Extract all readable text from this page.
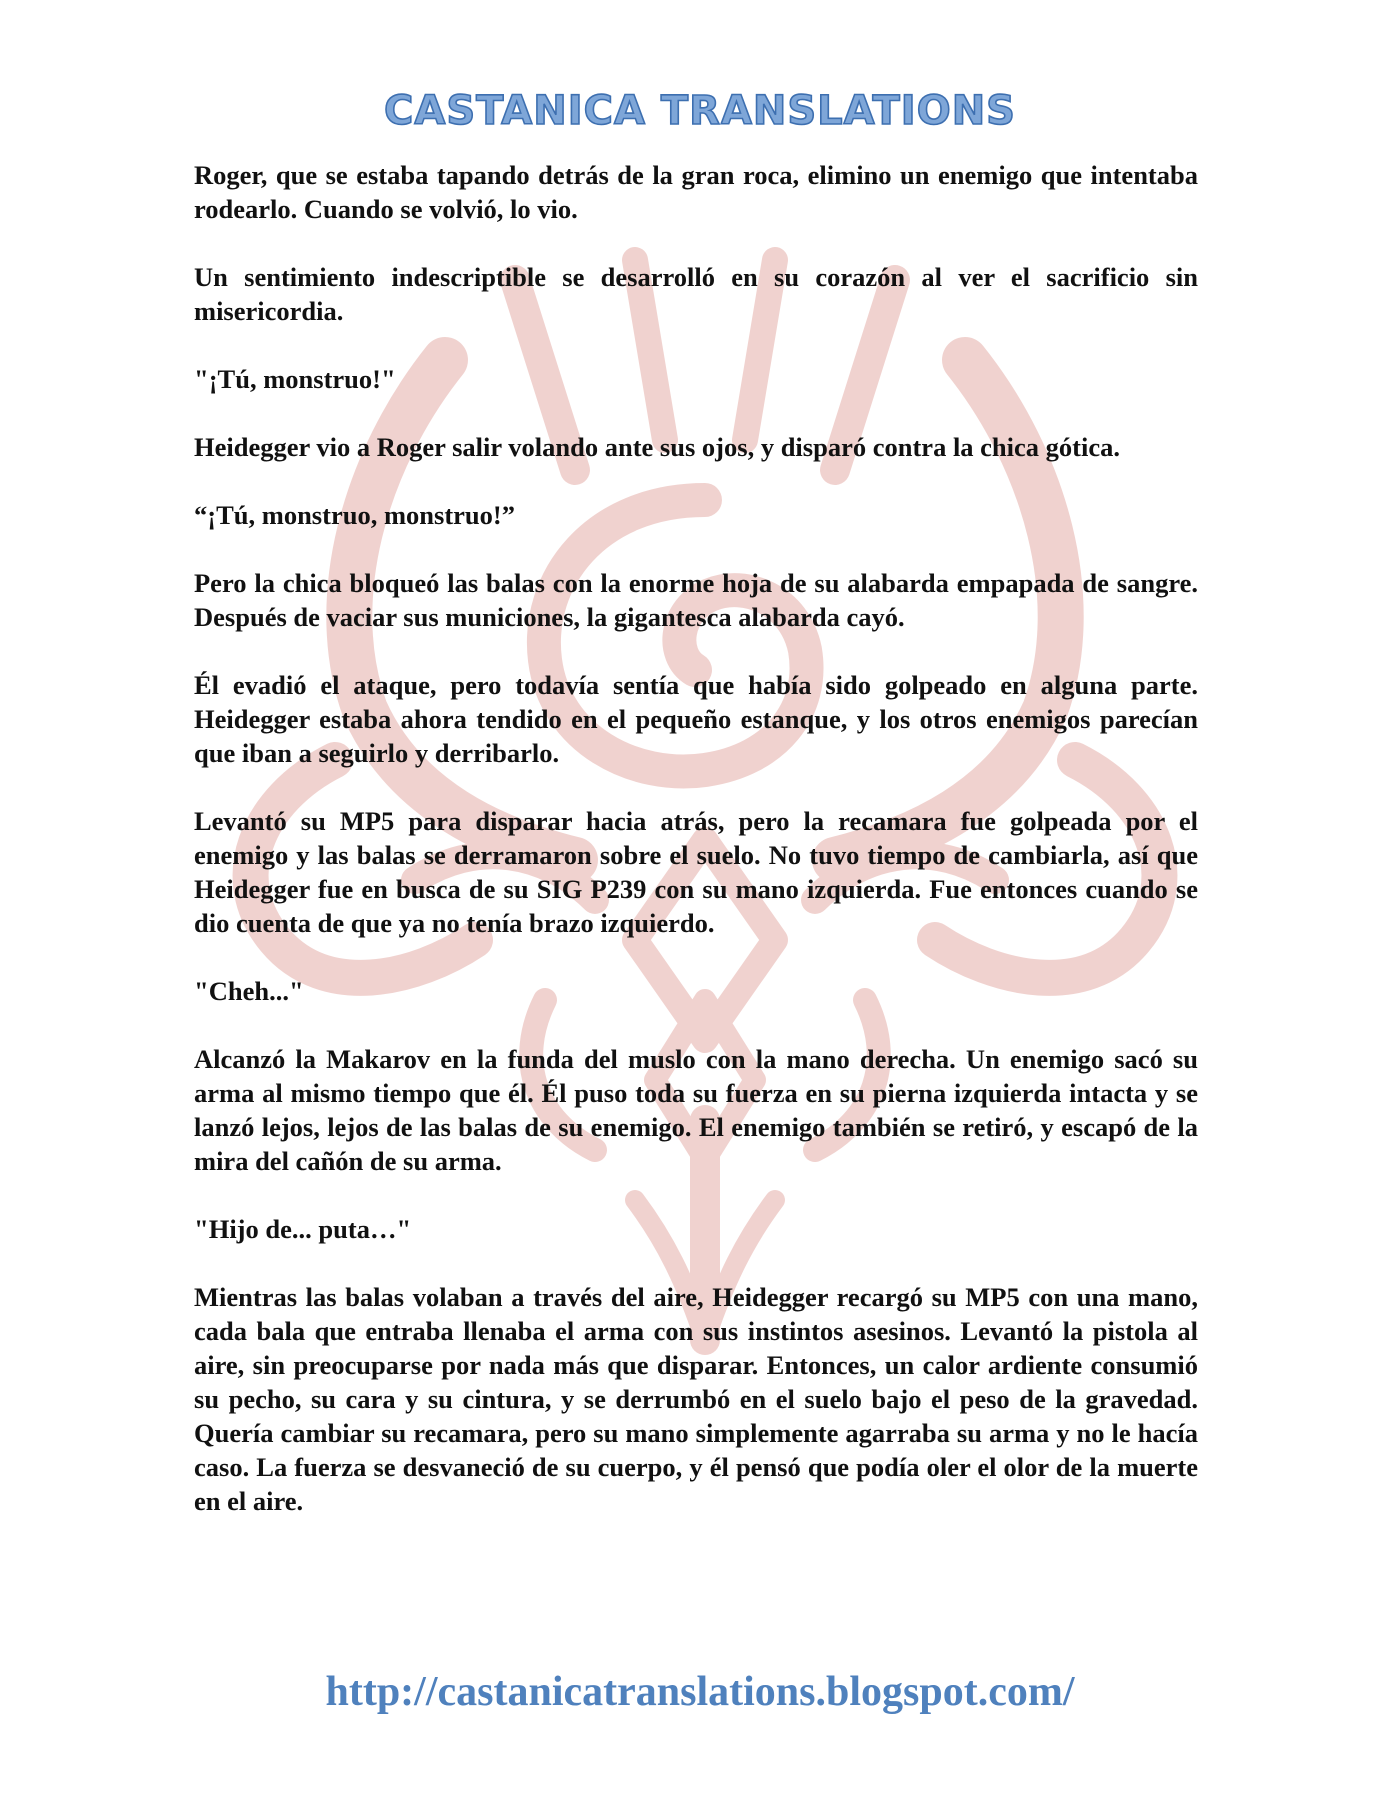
CASTANICA TRANSLATIONS

Roger, que se estaba tapando detrás de la gran roca, elimino un enemigo que intentaba rodearlo. Cuando se volvió, lo vio.

Un sentimiento indescriptible se desarrolló en su corazón al ver el sacrificio sin misericordia.

"¡Tú, monstruo!"

Heidegger vio a Roger salir volando ante sus ojos, y disparó contra la chica gótica.

“¡Tú, monstruo, monstruo!”

Pero la chica bloqueó las balas con la enorme hoja de su alabarda empapada de sangre. Después de vaciar sus municiones, la gigantesca alabarda cayó.

Él evadió el ataque, pero todavía sentía que había sido golpeado en alguna parte. Heidegger estaba ahora tendido en el pequeño estanque, y los otros enemigos parecían que iban a seguirlo y derribarlo.

Levantó su MP5 para disparar hacia atrás, pero la recamara fue golpeada por el enemigo y las balas se derramaron sobre el suelo. No tuvo tiempo de cambiarla, así que Heidegger fue en busca de su SIG P239 con su mano izquierda. Fue entonces cuando se dio cuenta de que ya no tenía brazo izquierdo.

"Cheh..."

Alcanzó la Makarov en la funda del muslo con la mano derecha. Un enemigo sacó su arma al mismo tiempo que él. Él puso toda su fuerza en su pierna izquierda intacta y se lanzó lejos, lejos de las balas de su enemigo. El enemigo también se retiró, y escapó de la mira del cañón de su arma.

"Hijo de... puta…"

Mientras las balas volaban a través del aire, Heidegger recargó su MP5 con una mano, cada bala que entraba llenaba el arma con sus instintos asesinos. Levantó la pistola al aire, sin preocuparse por nada más que disparar. Entonces, un calor ardiente consumió su pecho, su cara y su cintura, y se derrumbó en el suelo bajo el peso de la gravedad. Quería cambiar su recamara, pero su mano simplemente agarraba su arma y no le hacía caso. La fuerza se desvaneció de su cuerpo, y él pensó que podía oler el olor de la muerte en el aire.

http://castanicatranslations.blogspot.com/
